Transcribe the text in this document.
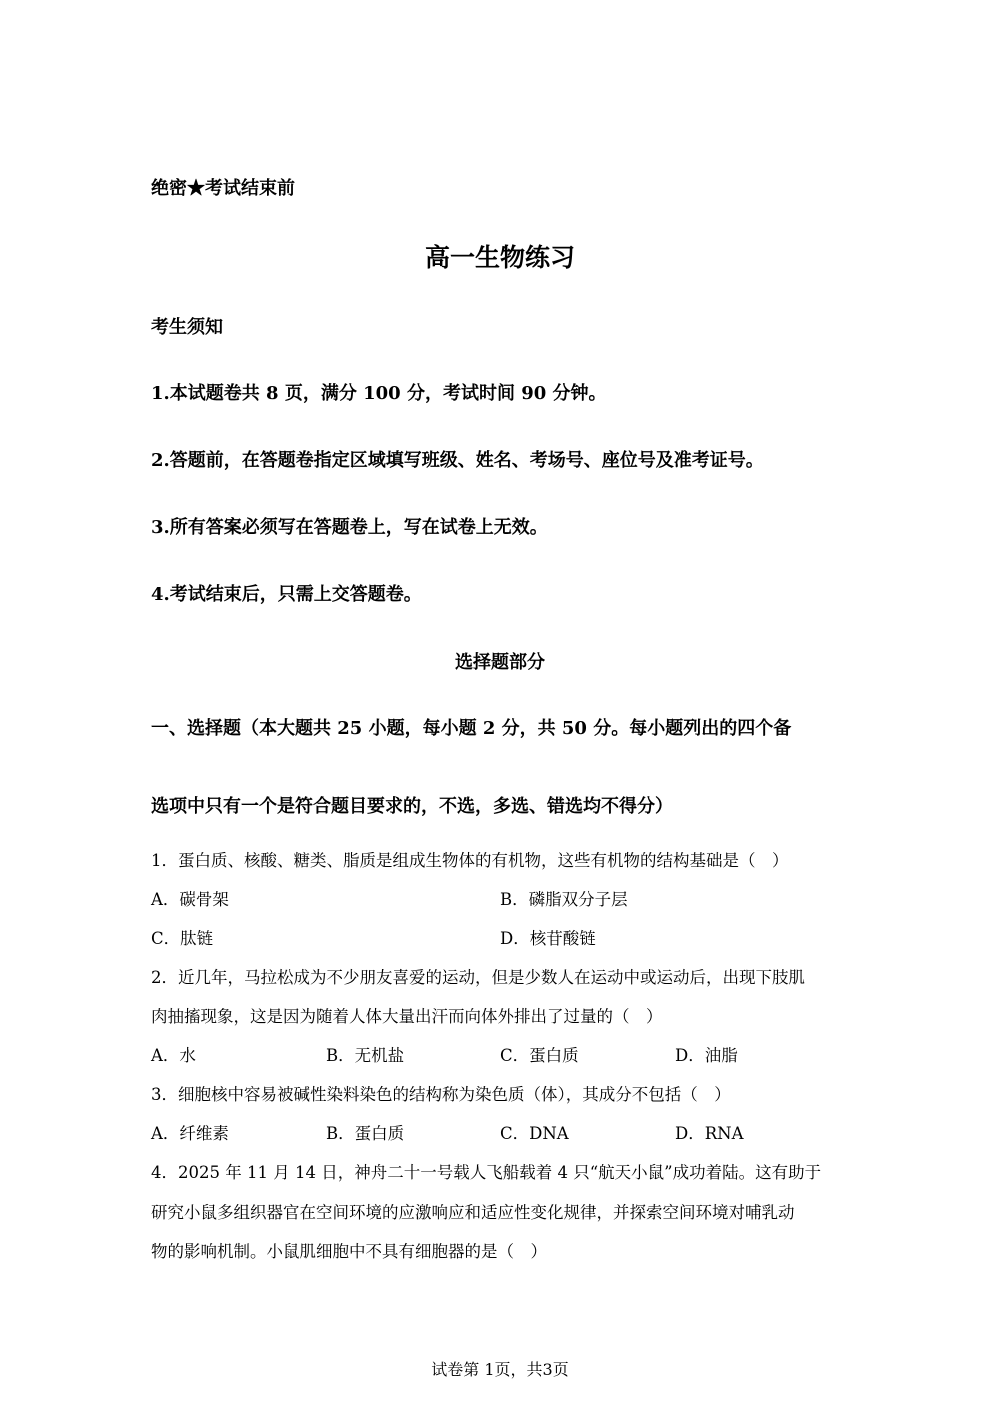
绝密★考试结束前
高一生物练习
考生须知
1.本试题卷共 8 页，满分 100 分，考试时间 90 分钟。
2.答题前，在答题卷指定区域填写班级、姓名、考场号、座位号及准考证号。
3.所有答案必须写在答题卷上，写在试卷上无效。
4.考试结束后，只需上交答题卷。
选择题部分
一、选择题（本大题共 25 小题，每小题 2 分，共 50 分。每小题列出的四个备
选项中只有一个是符合题目要求的，不选，多选、错选均不得分）
1．蛋白质、核酸、糖类、脂质是组成生物体的有机物，这些有机物的结构基础是（　）
A．碳骨架	B．磷脂双分子层
C．肽链	D．核苷酸链
2．近几年，马拉松成为不少朋友喜爱的运动，但是少数人在运动中或运动后，出现下肢肌
肉抽搐现象，这是因为随着人体大量出汗而向体外排出了过量的（　）
A．水	B．无机盐	C．蛋白质	D．油脂
3．细胞核中容易被碱性染料染色的结构称为染色质（体），其成分不包括（　）
A．纤维素	B．蛋白质	C．DNA	D．RNA
4．2025 年 11 月 14 日，神舟二十一号载人飞船载着 4 只“航天小鼠”成功着陆。这有助于
研究小鼠多组织器官在空间环境的应激响应和适应性变化规律，并探索空间环境对哺乳动
物的影响机制。小鼠肌细胞中不具有细胞器的是（　）
试卷第 1页，共3页
